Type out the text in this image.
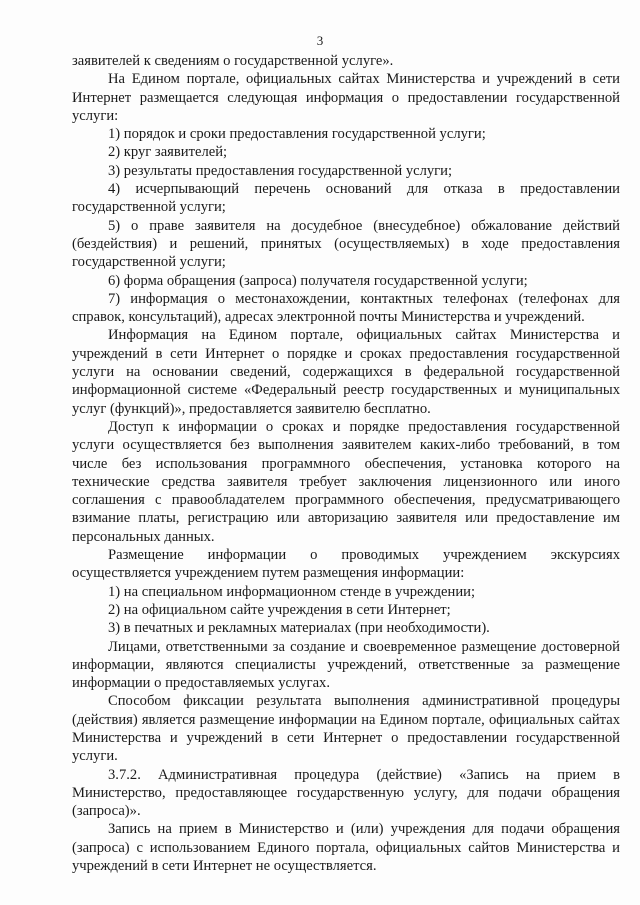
3

заявителей к сведениям о государственной услуге».

На Едином портале, официальных сайтах Министерства и учреждений в сети Интернет размещается следующая информация о предоставлении государственной услуги:

1) порядок и сроки предоставления государственной услуги;

2) круг заявителей;

3) результаты предоставления государственной услуги;

4) исчерпывающий перечень оснований для отказа в предоставлении государственной услуги;

5) о праве заявителя на досудебное (внесудебное) обжалование действий (бездействия) и решений, принятых (осуществляемых) в ходе предоставления государственной услуги;

6) форма обращения (запроса) получателя государственной услуги;

7) информация о местонахождении, контактных телефонах (телефонах для справок, консультаций), адресах электронной почты Министерства и учреждений.

Информация на Едином портале, официальных сайтах Министерства и учреждений в сети Интернет о порядке и сроках предоставления государственной услуги на основании сведений, содержащихся в федеральной государственной информационной системе «Федеральный реестр государственных и муниципальных услуг (функций)», предоставляется заявителю бесплатно.

Доступ к информации о сроках и порядке предоставления государственной услуги осуществляется без выполнения заявителем каких-либо требований, в том числе без использования программного обеспечения, установка которого на технические средства заявителя требует заключения лицензионного или иного соглашения с правообладателем программного обеспечения, предусматривающего взимание платы, регистрацию или авторизацию заявителя или предоставление им персональных данных.

Размещение информации о проводимых учреждением экскурсиях осуществляется учреждением путем размещения информации:

1) на специальном информационном стенде в учреждении;

2) на официальном сайте учреждения в сети Интернет;

3) в печатных и рекламных материалах (при необходимости).

Лицами, ответственными за создание и своевременное размещение достоверной информации, являются специалисты учреждений, ответственные за размещение информации о предоставляемых услугах.

Способом фиксации результата выполнения административной процедуры (действия) является размещение информации на Едином портале, официальных сайтах Министерства и учреждений в сети Интернет о предоставлении государственной услуги.

3.7.2. Административная процедура (действие) «Запись на прием в Министерство, предоставляющее государственную услугу, для подачи обращения (запроса)».

Запись на прием в Министерство и (или) учреждения для подачи обращения (запроса) с использованием Единого портала, официальных сайтов Министерства и учреждений в сети Интернет не осуществляется.
